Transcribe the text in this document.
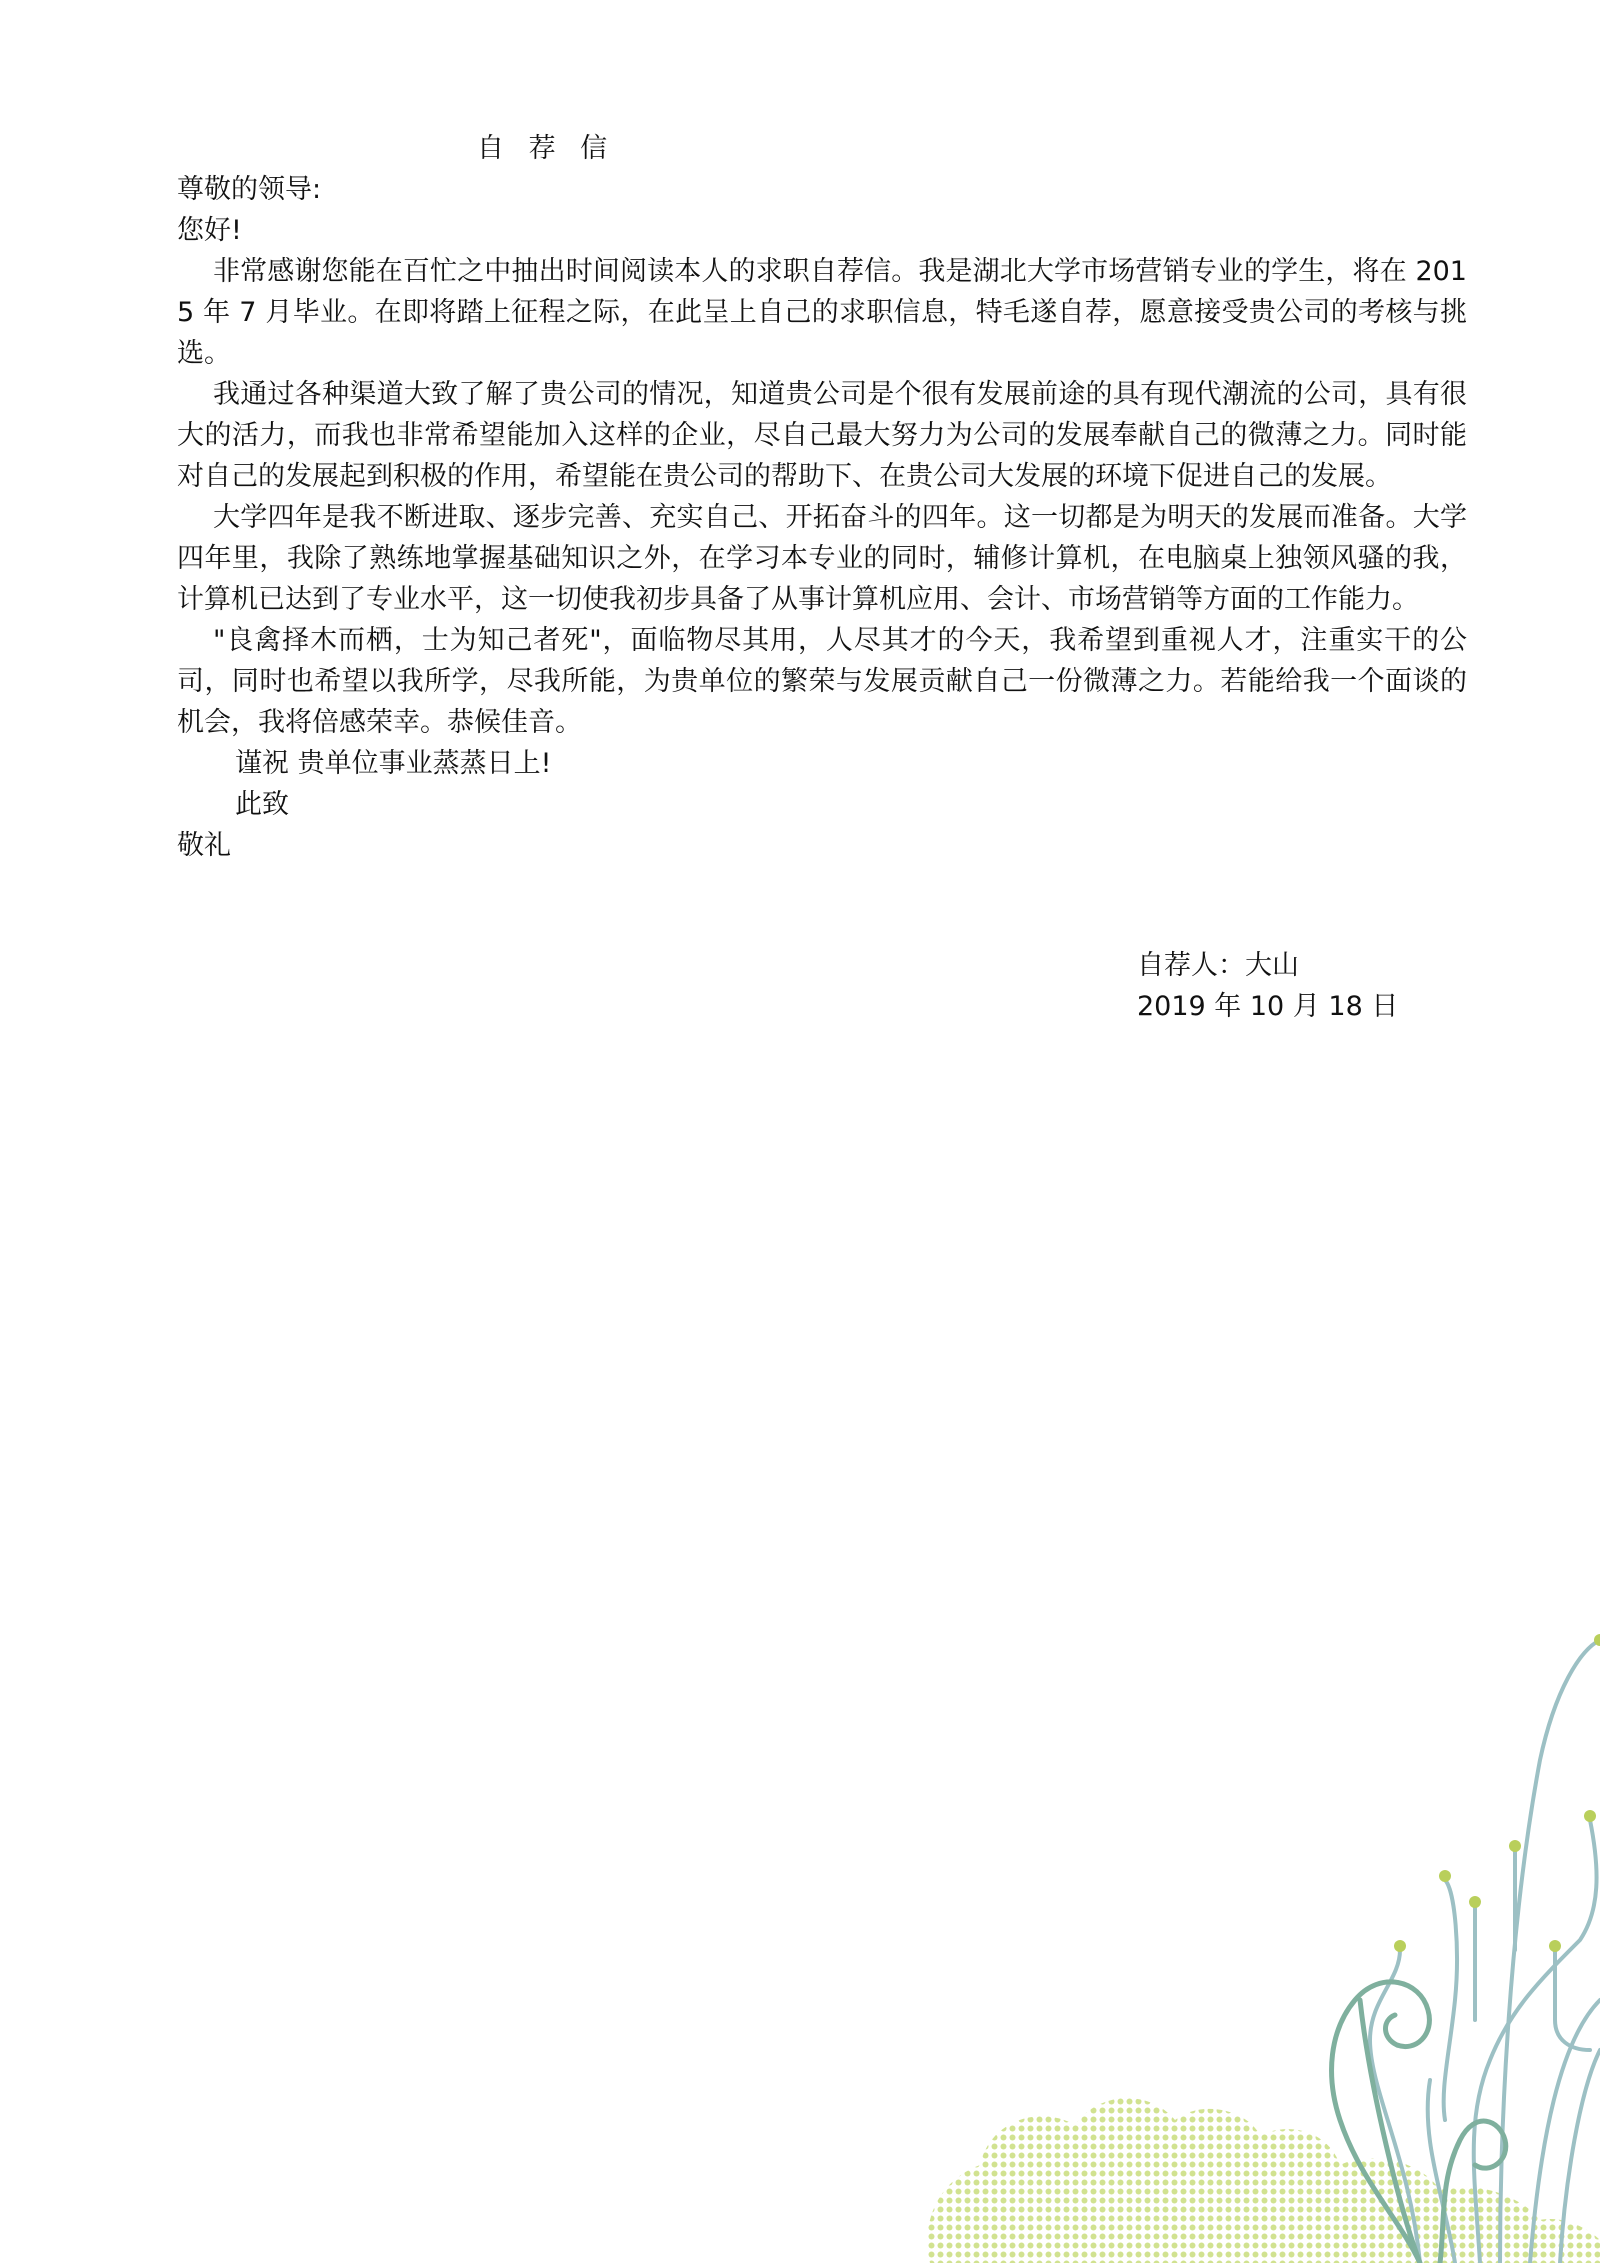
自 荐 信
尊敬的领导:
您好!
非常感谢您能在百忙之中抽出时间阅读本人的求职自荐信。我是湖北大学市场营销专业的学生，将在 2015 年 7 月毕业。在即将踏上征程之际，在此呈上自己的求职信息，特毛遂自荐，愿意接受贵公司的考核与挑选。
我通过各种渠道大致了解了贵公司的情况，知道贵公司是个很有发展前途的具有现代潮流的公司，具有很大的活力，而我也非常希望能加入这样的企业，尽自己最大努力为公司的发展奉献自己的微薄之力。同时能对自己的发展起到积极的作用，希望能在贵公司的帮助下、在贵公司大发展的环境下促进自己的发展。
大学四年是我不断进取、逐步完善、充实自己、开拓奋斗的四年。这一切都是为明天的发展而准备。大学四年里，我除了熟练地掌握基础知识之外，在学习本专业的同时，辅修计算机，在电脑桌上独领风骚的我，计算机已达到了专业水平，这一切使我初步具备了从事计算机应用、会计、市场营销等方面的工作能力。
"良禽择木而栖，士为知己者死"，面临物尽其用，人尽其才的今天，我希望到重视人才，注重实干的公司，同时也希望以我所学，尽我所能，为贵单位的繁荣与发展贡献自己一份微薄之力。若能给我一个面谈的机会，我将倍感荣幸。恭候佳音。
谨祝 贵单位事业蒸蒸日上!
此致
敬礼
自荐人：大山
2019 年 10 月 18 日
